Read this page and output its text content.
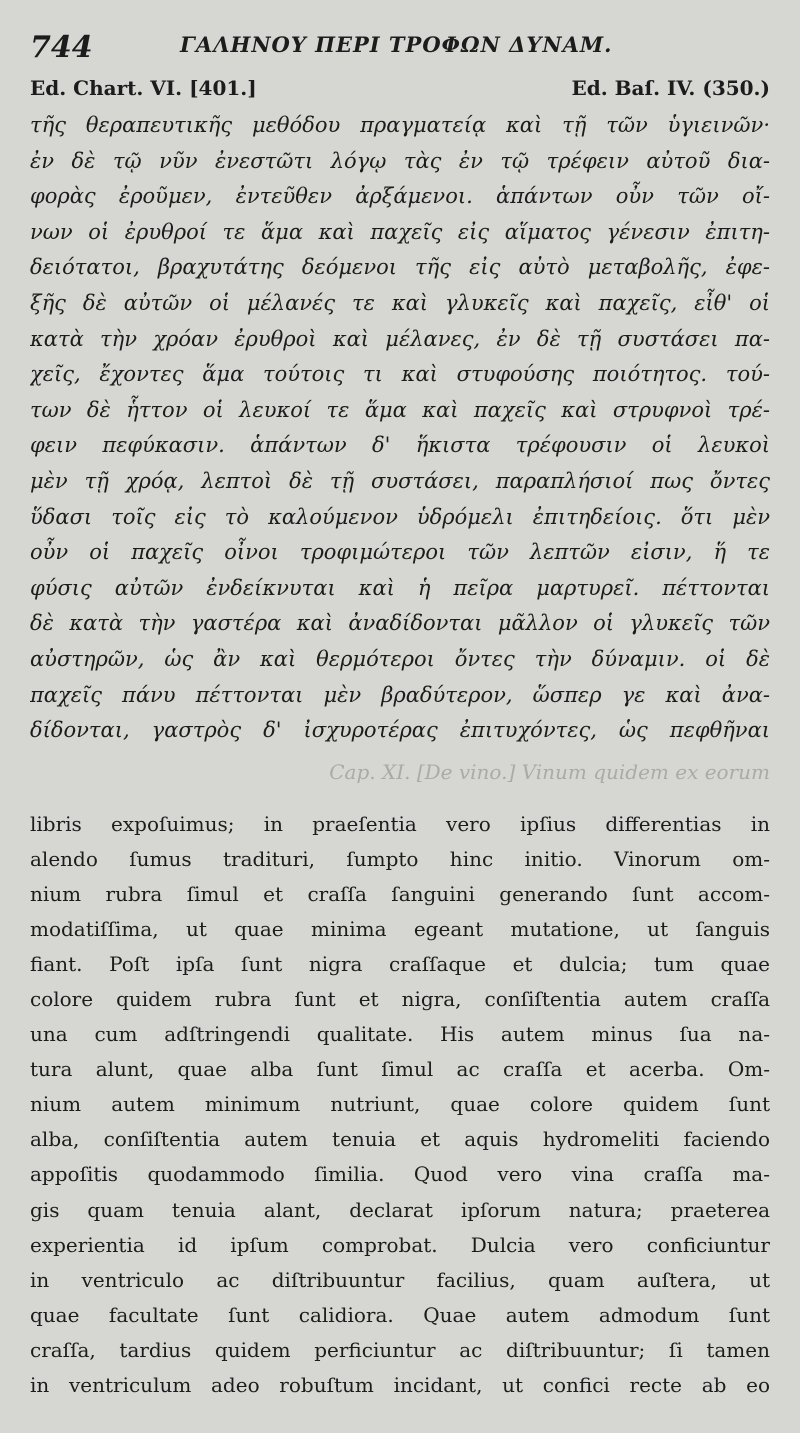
744	ΓΑΛΗΝΟΥ ΠΕΡΙ ΤΡΟΦΩΝ ΔΥΝΑΜ.
Ed. Chart. VI. [401.]	Ed. Baſ. IV. (350.)
τῆς θεραπευτικῆς μεθόδου πραγματείᾳ καὶ τῇ τῶν ὑγιεινῶν·
ἐν δὲ τῷ νῦν ἐνεστῶτι λόγῳ τὰς ἐν τῷ τρέφειν αὐτοῦ δια-
φορὰς ἐροῦμεν, ἐντεῦθεν ἀρξάμενοι. ἁπάντων οὖν τῶν οἴ-
νων οἱ ἐρυθροί τε ἅμα καὶ παχεῖς εἰς αἵματος γένεσιν ἐπιτη-
δειότατοι, βραχυτάτης δεόμενοι τῆς εἰς αὐτὸ μεταβολῆς, ἐφε-
ξῆς δὲ αὐτῶν οἱ μέλανές τε καὶ γλυκεῖς καὶ παχεῖς, εἶθ' οἱ
κατὰ τὴν χρόαν ἐρυθροὶ καὶ μέλανες, ἐν δὲ τῇ συστάσει πα-
χεῖς, ἔχοντες ἅμα τούτοις τι καὶ στυφούσης ποιότητος. τού-
των δὲ ἧττον οἱ λευκοί τε ἅμα καὶ παχεῖς καὶ στρυφνοὶ τρέ-
φειν πεφύκασιν. ἁπάντων δ' ἥκιστα τρέφουσιν οἱ λευκοὶ
μὲν τῇ χρόᾳ, λεπτοὶ δὲ τῇ συστάσει, παραπλήσιοί πως ὄντες
ὕδασι τοῖς εἰς τὸ καλούμενον ὑδρόμελι ἐπιτηδείοις. ὅτι μὲν
οὖν οἱ παχεῖς οἶνοι τροφιμώτεροι τῶν λεπτῶν εἰσιν, ἥ τε
φύσις αὐτῶν ἐνδείκνυται καὶ ἡ πεῖρα μαρτυρεῖ. πέττονται
δὲ κατὰ τὴν γαστέρα καὶ ἀναδίδονται μᾶλλον οἱ γλυκεῖς τῶν
αὐστηρῶν, ὡς ἂν καὶ θερμότεροι ὄντες τὴν δύναμιν. οἱ δὲ
παχεῖς πάνυ πέττονται μὲν βραδύτερον, ὥσπερ γε καὶ ἀνα-
δίδονται, γαστρὸς δ' ἰσχυροτέρας ἐπιτυχόντες, ὡς πεφθῆναι
Cap. XI. [De vino.] Vinum quidem ex eorum
libris expoſuimus; in praeſentia vero ipſius differentias in
alendo ſumus traditurі, ſumpto hinc initio. Vinorum om-
nium rubra ſimul et craſſa ſanguini generando ſunt accom-
modatiſſima, ut quae minima egeant mutatione, ut ſanguis
fiant. Poſt ipſa ſunt nigra craſſaque et dulcia; tum quae
colore quidem rubra ſunt et nigra, conſiſtentia autem craſſa
una cum adſtringendi qualitate. His autem minus ſua na-
tura alunt, quae alba ſunt ſimul ac craſſa et acerba. Om-
nium autem minimum nutriunt, quae colore quidem ſunt
alba, conſiſtentia autem tenuia et aquis hydromeliti faciendo
appoſitis quodammodo ſimilia. Quod vero vina craſſa ma-
gis quam tenuia alant, declarat ipſorum natura; praeterea
experientia id ipſum comprobat. Dulcia vero conficiuntur
in ventriculo ac diſtribuuntur facilius, quam auſtera, ut
quae facultate ſunt calidiora. Quae autem admodum ſunt
craſſa, tardius quidem perficiuntur ac diſtribuuntur; ſi tamen
in ventriculum adeo robuſtum incidant, ut confici recte ab eo
